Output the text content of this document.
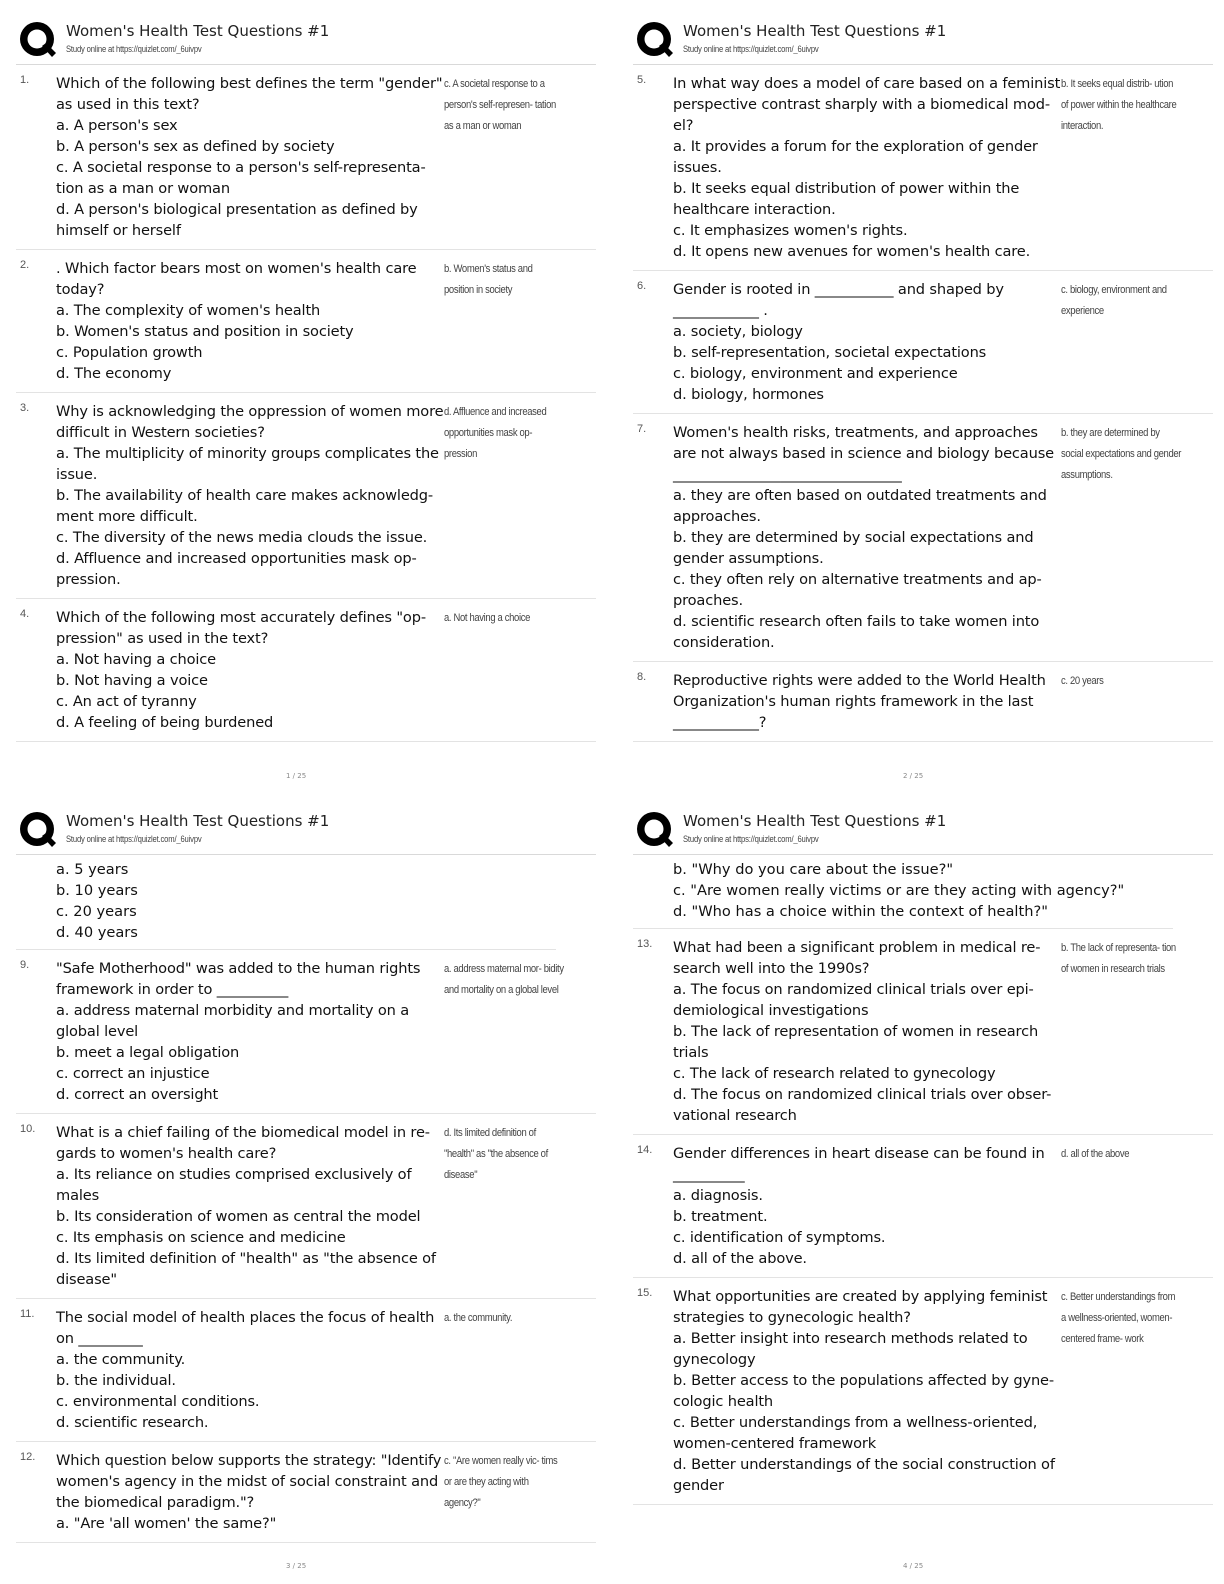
Women's Health Test Questions #1
Study online at https://quizlet.com/_6uivpv
1. Which of the following best defines the term "gender" as used in this text?
a. A person's sex
b. A person's sex as defined by society
c. A societal response to a person's self-representa- tion as a man or woman
d. A person's biological presentation as defined by himself or herself
c. A societal response to a person's self-represen- tation as a man or woman
2. . Which factor bears most on women's health care today?
a. The complexity of women's health
b. Women's status and position in society
c. Population growth
d. The economy
b. Women's status and position in society
3. Why is acknowledging the oppression of women more difficult in Western societies?
a. The multiplicity of minority groups complicates the issue.
b. The availability of health care makes acknowledg- ment more difficult.
c. The diversity of the news media clouds the issue.
d. Affluence and increased opportunities mask op- pression.
d. Affluence and increased opportunities mask op- pression
4. Which of the following most accurately defines "op- pression" as used in the text?
a. Not having a choice
b. Not having a voice
c. An act of tyranny
d. A feeling of being burdened
a. Not having a choice
1 / 25
Women's Health Test Questions #1
Study online at https://quizlet.com/_6uivpv
5. In what way does a model of care based on a feminist perspective contrast sharply with a biomedical mod- el?
a. It provides a forum for the exploration of gender issues.
b. It seeks equal distribution of power within the healthcare interaction.
c. It emphasizes women's rights.
d. It opens new avenues for women's health care.
b. It seeks equal distrib- ution of power within the healthcare interaction.
6. Gender is rooted in ___________ and shaped by ____________ .
a. society, biology
b. self-representation, societal expectations
c. biology, environment and experience
d. biology, hormones
c. biology, environment and experience
7. Women's health risks, treatments, and approaches are not always based in science and biology because ________________________________
a. they are often based on outdated treatments and approaches.
b. they are determined by social expectations and gender assumptions.
c. they often rely on alternative treatments and ap- proaches.
d. scientific research often fails to take women into consideration.
b. they are determined by social expectations and gender assumptions.
8. Reproductive rights were added to the World Health Organization's human rights framework in the last ____________?
c. 20 years
2 / 25
Women's Health Test Questions #1
Study online at https://quizlet.com/_6uivpv
a. 5 years
b. 10 years
c. 20 years
d. 40 years
9. "Safe Motherhood" was added to the human rights framework in order to __________
a. address maternal morbidity and mortality on a global level
b. meet a legal obligation
c. correct an injustice
d. correct an oversight
a. address maternal mor- bidity and mortality on a global level
10. What is a chief failing of the biomedical model in re- gards to women's health care?
a. Its reliance on studies comprised exclusively of males
b. Its consideration of women as central the model
c. Its emphasis on science and medicine
d. Its limited definition of "health" as "the absence of disease"
d. Its limited definition of "health" as "the absence of disease"
11. The social model of health places the focus of health on _________
a. the community.
b. the individual.
c. environmental conditions.
d. scientific research.
a. the community.
12. Which question below supports the strategy: "Identify women's agency in the midst of social constraint and the biomedical paradigm."?
a. "Are 'all women' the same?"
c. "Are women really vic- tims or are they acting with agency?"
3 / 25
Women's Health Test Questions #1
Study online at https://quizlet.com/_6uivpv
b. "Why do you care about the issue?"
c. "Are women really victims or are they acting with agency?"
d. "Who has a choice within the context of health?"
13. What had been a significant problem in medical re- search well into the 1990s?
a. The focus on randomized clinical trials over epi- demiological investigations
b. The lack of representation of women in research trials
c. The lack of research related to gynecology
d. The focus on randomized clinical trials over obser- vational research
b. The lack of representa- tion of women in research trials
14. Gender differences in heart disease can be found in __________
a. diagnosis.
b. treatment.
c. identification of symptoms.
d. all of the above.
d. all of the above
15. What opportunities are created by applying feminist strategies to gynecologic health?
a. Better insight into research methods related to gynecology
b. Better access to the populations affected by gyne- cologic health
c. Better understandings from a wellness-oriented, women-centered framework
d. Better understandings of the social construction of gender
c. Better understandings from a wellness-oriented, women-centered frame- work
4 / 25
